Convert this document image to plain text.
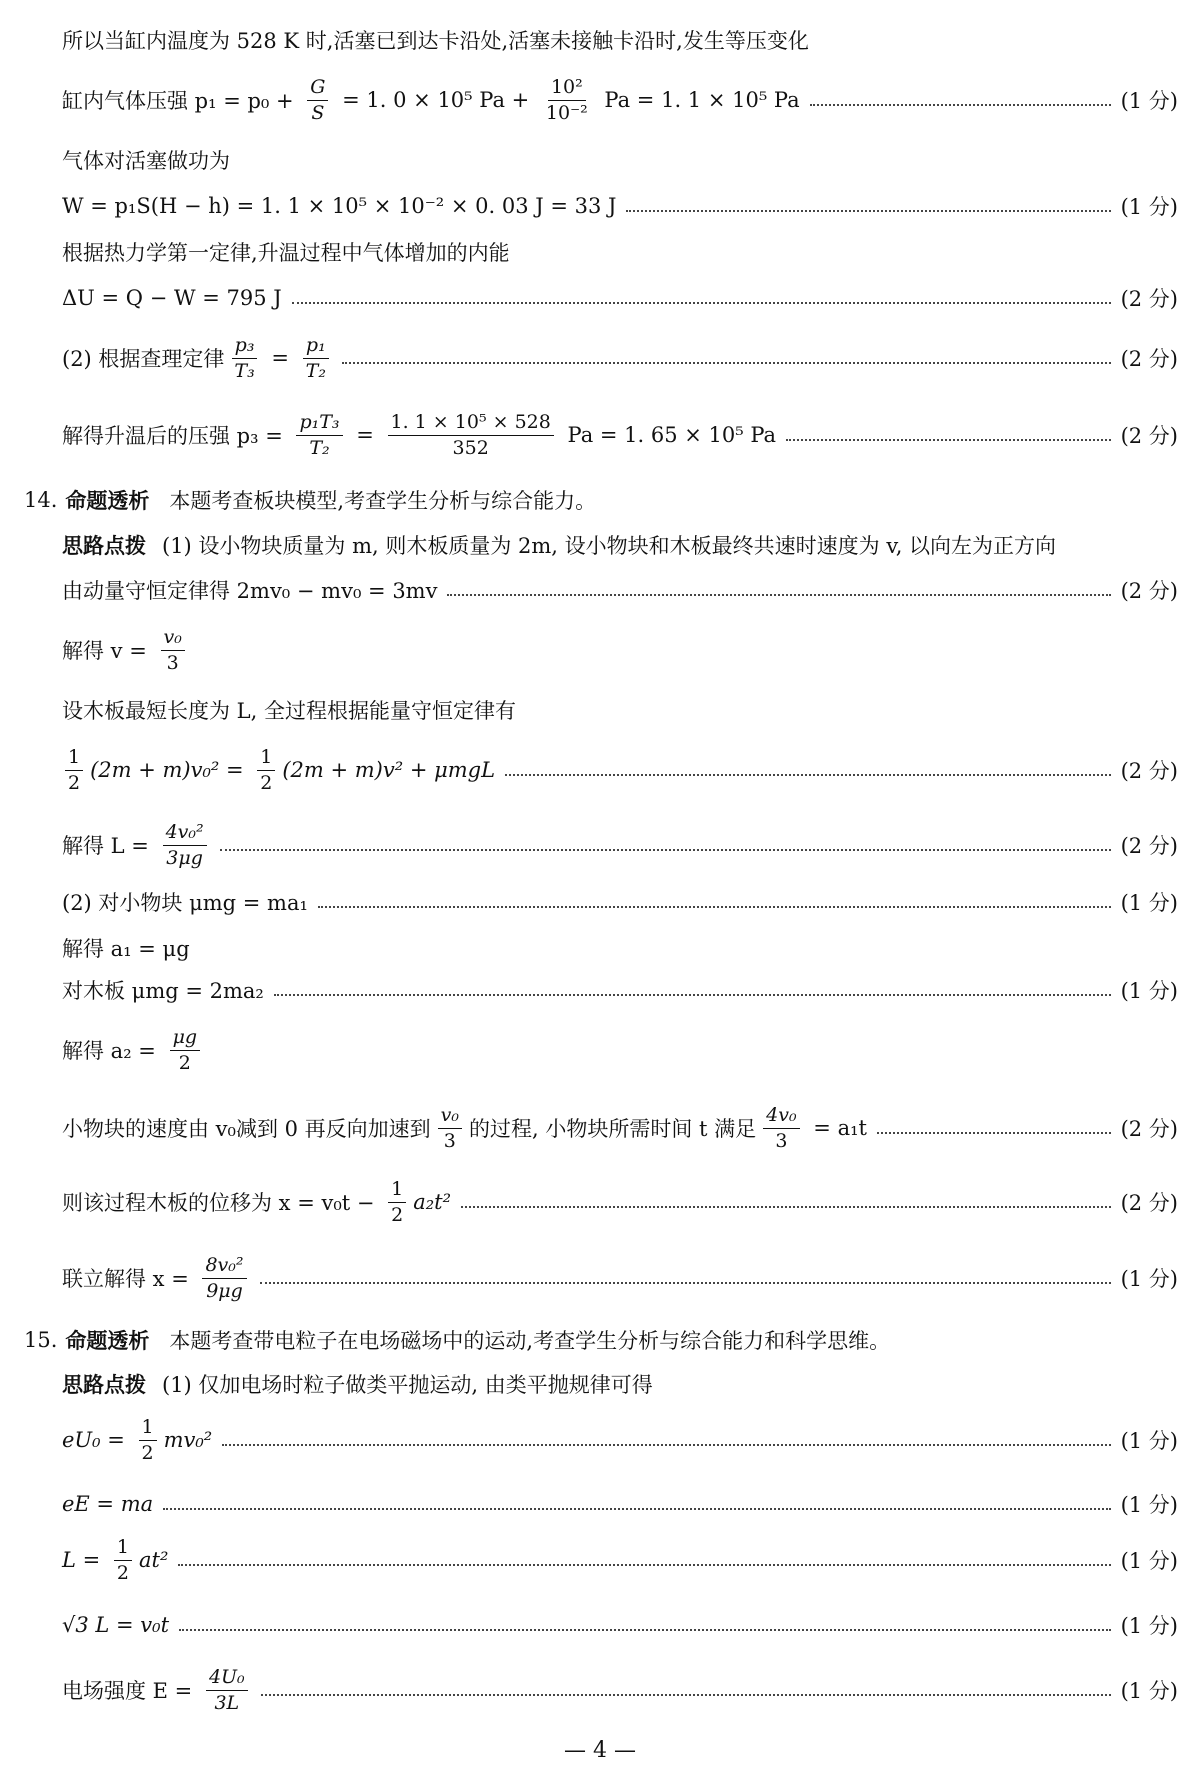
所以当缸内温度为 528 K 时,活塞已到达卡沿处,活塞未接触卡沿时,发生等压变化
缸内气体压强 $p_1 = p_0 + \frac{G}{S} = 1$. 0 × 10⁵ $Pa + \frac{\text{10²}}{\text{10⁻²}}$ Pa = 1. 1 × 10⁵ Pa	(1 分)
气体对活塞做功为
W = p₁S(H − h) = 1. 1 × 10⁵ × 10⁻² × 0. 03 J = 33 J	(1 分)
根据热力学第一定律,升温过程中气体增加的内能
ΔU = Q − W = 795 J	(2 分)
(2) 根据查理定律 $\frac{\text{p₃}}{\text{T₃}} = \frac{\text{p₁}}{\text{T₂}}$	(2 分)
解得升温后的压强 $p_3 = \frac{\text{p₁T₃}}{\text{T₂}} = \frac{\text{1. 1 × 10⁵ × 528}}{352}$ Pa = 1. 65 × 10⁵ Pa	(2 分)
14. 命题透析 本题考查板块模型,考查学生分析与综合能力。
思路点拨 (1) 设小物块质量为 m, 则木板质量为 2m, 设小物块和木板最终共速时速度为 v, 以向左为正方向
由动量守恒定律得 2mv₀ − mv₀ = 3mv	(2 分)
解得 $v = \frac{\text{v₀}}{3}$
设木板最短长度为 L, 全过程根据能量守恒定律有
$\frac{1}{2} (2m + m)v_0^2 = \frac{1}{2} (2m + m)v^2 + \mu mgL$	(2 分)
解得 $L = \frac{\text{4v₀²}}{3\mu g}$	(2 分)
(2) 对小物块 μmg = ma₁	(1 分)
解得 a₁ = μg
对木板 μmg = 2ma₂	(1 分)
解得 $a_2 = \frac{\mu g}{2}$
小物块的速度由 v₀减到 0 再反向加速到 $\frac{\text{v₀}}{3}$ 的过程, 小物块所需时间 t 满足 $\frac{\text{4v₀}}{3} = a_1t$	(2 分)
则该过程木板的位移为 $x = v_0t - \frac{1}{2} a_2t^2$	(2 分)
联立解得 $x = \frac{\text{8v₀²}}{9\mu g}$	(1 分)
15. 命题透析 本题考查带电粒子在电场磁场中的运动,考查学生分析与综合能力和科学思维。
思路点拨 (1) 仅加电场时粒子做类平抛运动, 由类平抛规律可得
$eU_0 = \frac{1}{2} mv_0^2$	(1 分)
eE = ma	(1 分)
$L = \frac{1}{2} at^2$	(1 分)
√3 L = v₀t	(1 分)
电场强度 $E = \frac{\text{4U₀}}{3L}$	(1 分)
— 4 —
